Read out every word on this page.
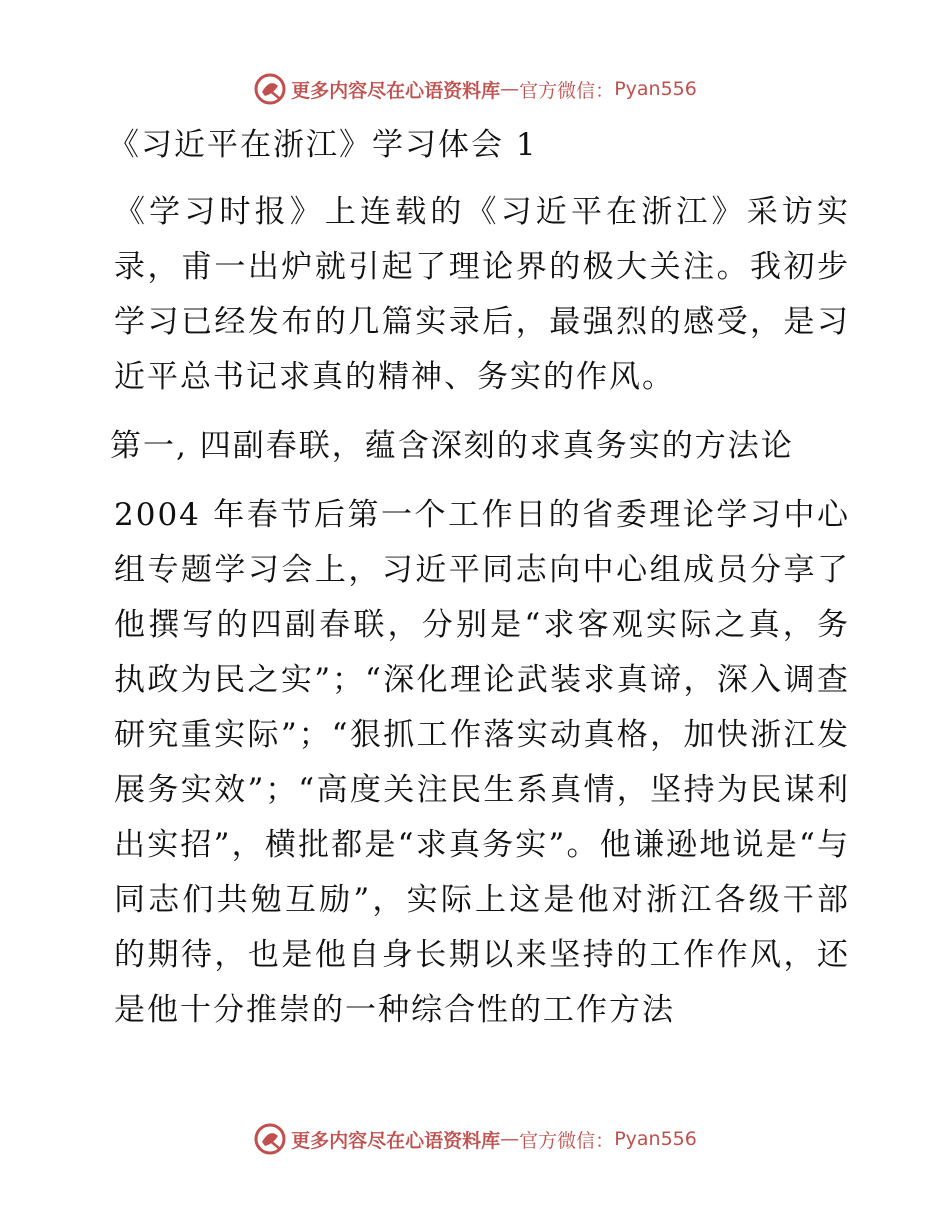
更多内容尽在心语资料库 — 官方微信： Pyan556

《习近平在浙江》学习体会 1

《学习时报》上连载的《习近平在浙江》采访实录，甫一出炉就引起了理论界的极大关注。我初步学习已经发布的几篇实录后，最强烈的感受，是习近平总书记求真的精神、务实的作风。

第一, 四副春联，蕴含深刻的求真务实的方法论

2004 年春节后第一个工作日的省委理论学习中心组专题学习会上，习近平同志向中心组成员分享了他撰写的四副春联，分别是“求客观实际之真，务执政为民之实”；“深化理论武装求真谛，深入调查研究重实际”；“狠抓工作落实动真格，加快浙江发展务实效”；“高度关注民生系真情，坚持为民谋利出实招”，横批都是“求真务实”。他谦逊地说是“与同志们共勉互励”，实际上这是他对浙江各级干部的期待，也是他自身长期以来坚持的工作作风，还是他十分推崇的一种综合性的工作方法

更多内容尽在心语资料库 — 官方微信： Pyan556
